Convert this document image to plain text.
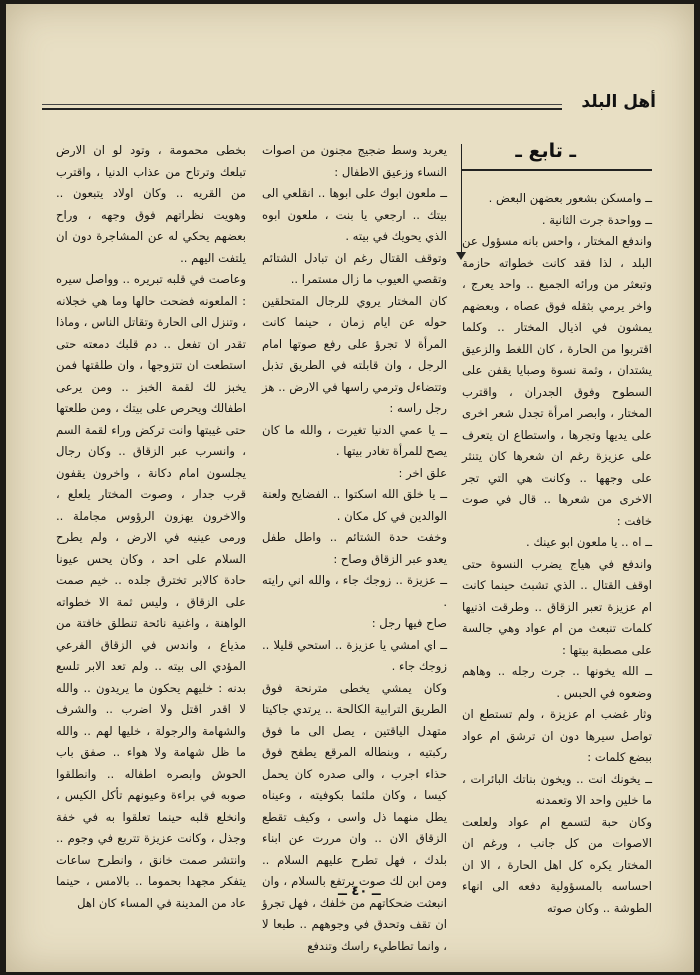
أهل البلد
ـ تابع ـ

ــ وامسكن بشعور بعضهن البعض .

ــ وواحدة جرت الثانية .

واندفع المختار ، واحس بانه مسؤول عن البلد ، لذا فقد كانت خطواته حازمة وتبعثر من ورائه الجميع .. واحد يعرج ، واخر يرمي بثقله فوق عصاه ، وبعضهم يمشون في اذيال المختار .. وكلما اقتربوا من الحارة ، كان اللغط والزعيق يشتدان ، وثمة نسوة وصبايا يقفن على السطوح وفوق الجدران ، واقترب المختار ، وابصر امرأة تجدل شعر اخرى على يديها وتجرها ، واستطاع ان يتعرف على عزيزة رغم ان شعرها كان يتنثر على وجهها .. وكانت هي التي تجر الاخرى من شعرها .. قال في صوت خافت :

ــ اه .. يا ملعون ابو عينك .

واندفع في هياج يضرب النسوة حتى اوقف القتال .. الذي تشبث حينما كانت ام عزيزة تعبر الزقاق .. وطرقت اذنيها كلمات تنبعث من ام عواد وهي جالسة على مصطبة بيتها :

ــ الله يخونها .. جرت رجله .. وهاهم وضعوه في الحبس .

وثار غضب ام عزيزة ، ولم تستطع ان تواصل سيرها دون ان ترشق ام عواد ببضع كلمات :

ــ يخونك انت .. ويخون بناتك البائرات ، ما خلين واحد الا وتعمدنه

وكان حبة لتسمع ام عواد ولعلعت الاصوات من كل جانب ، ورغم ان المختار يكره كل اهل الحارة ، الا ان احساسه بالمسؤولية دفعه الى انهاء الطوشة .. وكان صوته

يعربد وسط ضجيج مجنون من اصوات النساء وزعيق الاطفال :

ــ ملعون ابوك على ابوها .. انقلعي الى بيتك .. ارجعي يا بنت ، ملعون ابوه الذي يحويك في بيته .

وتوقف القتال رغم ان تبادل الشتائم وتقصي العيوب ما زال مستمرا ..

كان المختار يروي للرجال المتحلقين حوله عن ايام زمان ، حينما كانت المرأة لا تجرؤ على رفع صوتها امام الرجل ، وان قابلته في الطريق تذبل وتتضاءل وترمي راسها في الارض .. هز رجل راسه :

ــ يا عمي الدنيا تغيرت ، والله ما كان يصح للمرأة تغادر بيتها .

علق اخر :

ــ يا خلق الله اسكتوا .. الفضايح ولعنة الوالدين في كل مكان .

وخفت حدة الشتائم .. واطل طفل يعدو عبر الزقاق وصاح :

ــ عزيزة .. زوجك جاء ، والله اني رايته .

صاح فيها رجل :

ــ اي امشي يا عزيزة .. استحي قليلا .. زوجك جاء .

وكان يمشي يخطى مترنحة فوق الطريق الترابية الكالحة .. يرتدي جاكيتا متهدل الياقتين ، يصل الى ما فوق ركبتيه ، وبنطاله المرقع يطفح فوق حذاء اجرب ، والى صدره كان يحمل كيسا ، وكان ملثما بكوفيته ، وعيناه يطل منهما ذل واسى ، وكيف تقطع الزقاق الان .. وان مررت عن ابناء بلدك ، فهل تطرح عليهم السلام .. ومن ابن لك صوت يرتفع بالسلام ، وان انبعثت ضحكاتهم من خلفك ، فهل تجرؤ ان تقف وتحدق في وجوههم .. طبعا لا ، وانما تطاطيء راسك وتندفع

بخطى محمومة ، وتود لو ان الارض تبلعك وترتاح من عذاب الدنيا ، واقترب من القريه .. وكان اولاد يتبعون .. وهويت نظراتهم فوق وجهه ، وراح بعضهم يحكي له عن المشاجرة دون ان يلتفت اليهم ..

وعاصت في قلبه تبريره .. وواصل سيره : الملعونه فضحت حالها وما هي خجلانه ، وتنزل الى الحارة وتقاتل الناس ، وماذا تقدر ان تفعل .. دم قلبك دمعته حتى استطعت ان تتزوجها ، وان طلقتها فمن يخبز لك لقمة الخبز .. ومن يرعى اطفالك ويحرص على بيتك ، ومن طلعتها حتى غيبتها وانت تركض وراء لقمة السم ، وانسرب عبر الزقاق .. وكان رجال يجلسون امام دكانة ، واخرون يقفون قرب جدار ، وصوت المختار يلعلع ، والاخرون يهزون الرؤوس مجاملة .. ورمى عينيه في الارض ، ولم يطرح السلام على احد ، وكان يحس عيونا حادة كالابر تخترق جلده .. خيم صمت على الزقاق ، وليس ثمة الا خطواته الواهنة ، واغنية نائحة تنطلق خافتة من مذياع ، واندس في الزقاق الفرعي المؤدي الى بيته .. ولم تعد الابر تلسع بدنه : خليهم يحكون ما يريدون .. والله لا اقدر اقتل ولا اضرب .. والشرف والشهامة والرجولة ، خليها لهم .. والله ما ظل شهامة ولا هواء .. صفق باب الحوش وابصره اطفاله .. وانطلقوا صوبه في براءة وعيونهم تأكل الكيس ، وانخلع قلبه حينما تعلقوا به في خفة وجذل ، وكانت عزيزة تتربع في وجوم .. وانتشر صمت خانق ، وانطرح ساعات يتفكر مجهدا بحموما .. بالامس ، حينما عاد من المدينة في المساء كان اهل

ــ ٤٠ ــ
